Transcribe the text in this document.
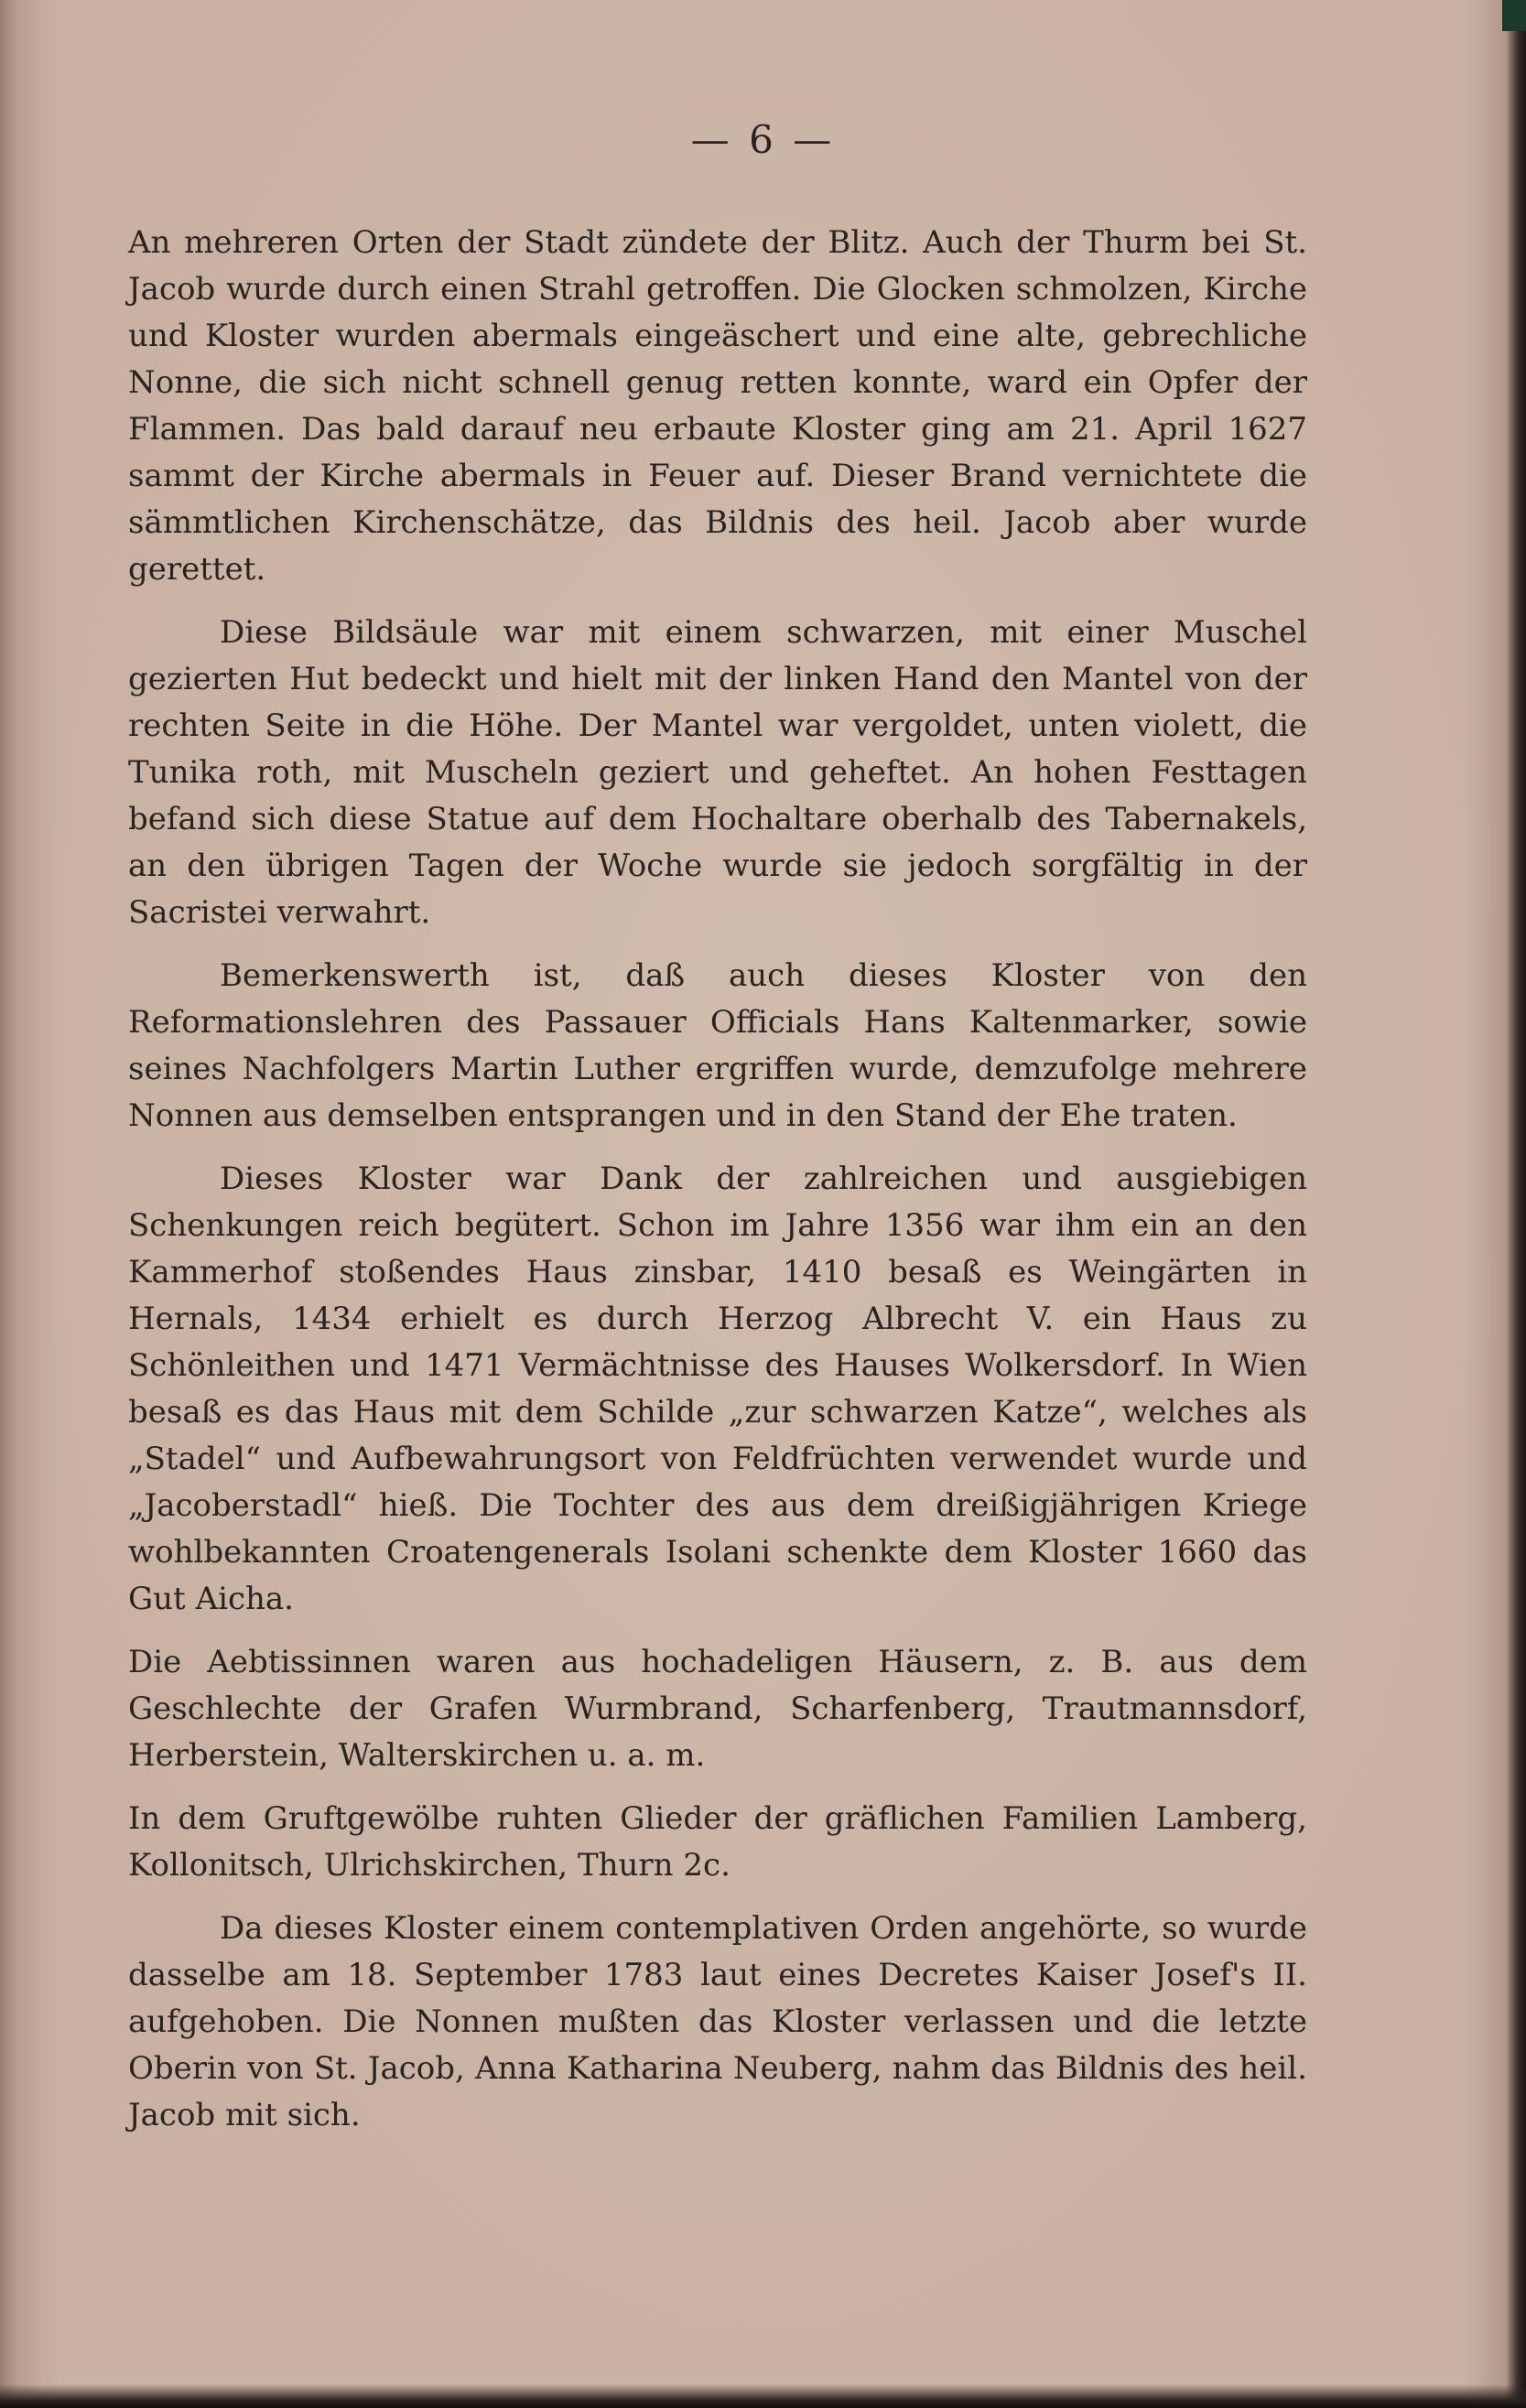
— 6 —

An mehreren Orten der Stadt zündete der Blitz. Auch der Thurm bei St. Jacob wurde durch einen Strahl getroffen. Die Glocken schmolzen, Kirche und Kloster wurden abermals eingeäschert und eine alte, gebrechliche Nonne, die sich nicht schnell genug retten konnte, ward ein Opfer der Flammen. Das bald darauf neu erbaute Kloster ging am 21. April 1627 sammt der Kirche abermals in Feuer auf. Dieser Brand vernichtete die sämmtlichen Kirchenschätze, das Bildnis des heil. Jacob aber wurde gerettet.

Diese Bildsäule war mit einem schwarzen, mit einer Muschel gezierten Hut bedeckt und hielt mit der linken Hand den Mantel von der rechten Seite in die Höhe. Der Mantel war vergoldet, unten violett, die Tunika roth, mit Muscheln geziert und geheftet. An hohen Festtagen befand sich diese Statue auf dem Hochaltare oberhalb des Tabernakels, an den übrigen Tagen der Woche wurde sie jedoch sorgfältig in der Sacristei verwahrt.

Bemerkenswerth ist, daß auch dieses Kloster von den Reformationslehren des Passauer Officials Hans Kaltenmarker, sowie seines Nachfolgers Martin Luther ergriffen wurde, demzufolge mehrere Nonnen aus demselben entsprangen und in den Stand der Ehe traten.

Dieses Kloster war Dank der zahlreichen und ausgiebigen Schenkungen reich begütert. Schon im Jahre 1356 war ihm ein an den Kammerhof stoßendes Haus zinsbar, 1410 besaß es Weingärten in Hernals, 1434 erhielt es durch Herzog Albrecht V. ein Haus zu Schönleithen und 1471 Vermächtnisse des Hauses Wolkersdorf. In Wien besaß es das Haus mit dem Schilde „zur schwarzen Katze“, welches als „Stadel“ und Aufbewahrungsort von Feldfrüchten verwendet wurde und „Jacoberstadl“ hieß. Die Tochter des aus dem dreißigjährigen Kriege wohlbekannten Croatengenerals Isolani schenkte dem Kloster 1660 das Gut Aicha.

Die Aebtissinnen waren aus hochadeligen Häusern, z. B. aus dem Geschlechte der Grafen Wurmbrand, Scharfenberg, Trautmannsdorf, Herberstein, Walterskirchen u. a. m.

In dem Gruftgewölbe ruhten Glieder der gräflichen Familien Lamberg, Kollonitsch, Ulrichskirchen, Thurn 2c.

Da dieses Kloster einem contemplativen Orden angehörte, so wurde dasselbe am 18. September 1783 laut eines Decretes Kaiser Josef's II. aufgehoben. Die Nonnen mußten das Kloster verlassen und die letzte Oberin von St. Jacob, Anna Katharina Neuberg, nahm das Bildnis des heil. Jacob mit sich.
